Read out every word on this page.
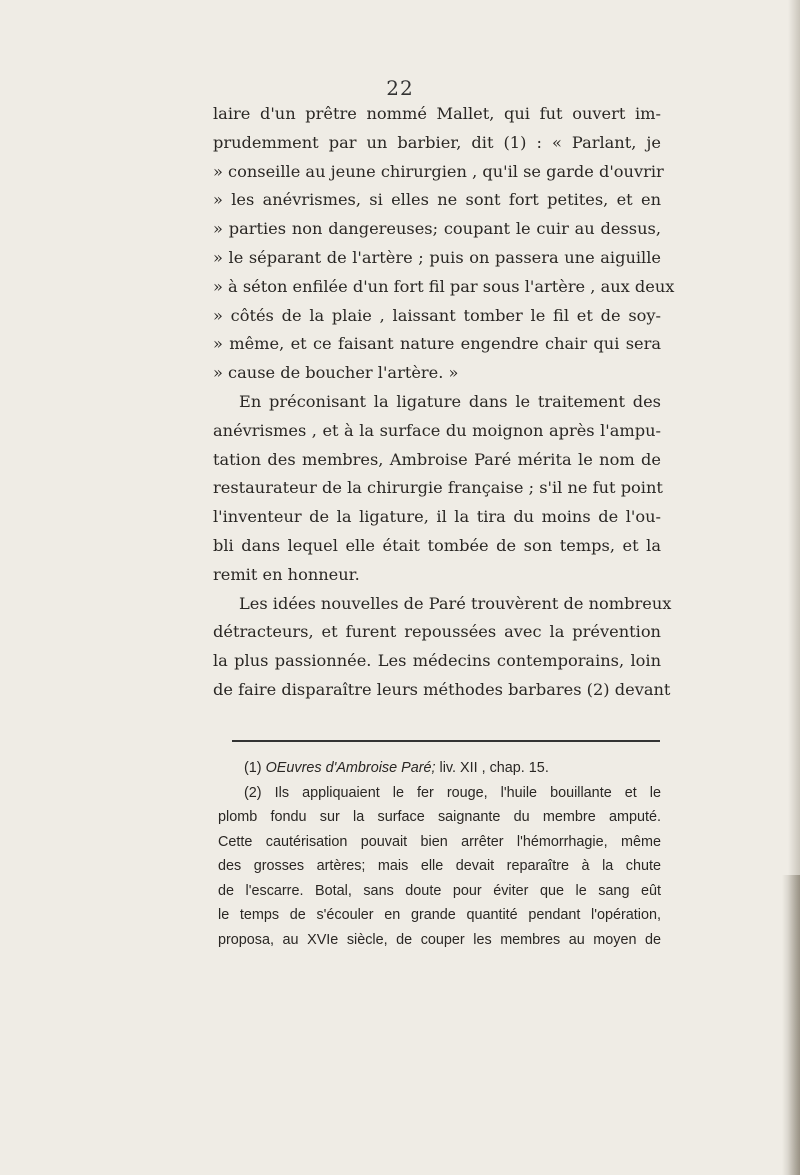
22
laire d'un prêtre nommé Mallet, qui fut ouvert im-
prudemment par un barbier, dit (1) : « Parlant, je
» conseille au jeune chirurgien , qu'il se garde d'ouvrir
» les anévrismes, si elles ne sont fort petites, et en
» parties non dangereuses; coupant le cuir au dessus,
» le séparant de l'artère ; puis on passera une aiguille
» à séton enfilée d'un fort fil par sous l'artère , aux deux
» côtés de la plaie , laissant tomber le fil et de soy-
» même, et ce faisant nature engendre chair qui sera
» cause de boucher l'artère. »
En préconisant la ligature dans le traitement des
anévrismes , et à la surface du moignon après l'ampu-
tation des membres, Ambroise Paré mérita le nom de
restaurateur de la chirurgie française ; s'il ne fut point
l'inventeur de la ligature, il la tira du moins de l'ou-
bli dans lequel elle était tombée de son temps, et la
remit en honneur.
Les idées nouvelles de Paré trouvèrent de nombreux
détracteurs, et furent repoussées avec la prévention
la plus passionnée. Les médecins contemporains, loin
de faire disparaître leurs méthodes barbares (2) devant
(1) OEuvres d'Ambroise Paré; liv. XII , chap. 15.
(2) Ils appliquaient le fer rouge, l'huile bouillante et le
plomb fondu sur la surface saignante du membre amputé.
Cette cautérisation pouvait bien arrêter l'hémorrhagie, même
des grosses artères; mais elle devait reparaître à la chute
de l'escarre. Botal, sans doute pour éviter que le sang eût
le temps de s'écouler en grande quantité pendant l'opération,
proposa, au XVIe siècle, de couper les membres au moyen de
